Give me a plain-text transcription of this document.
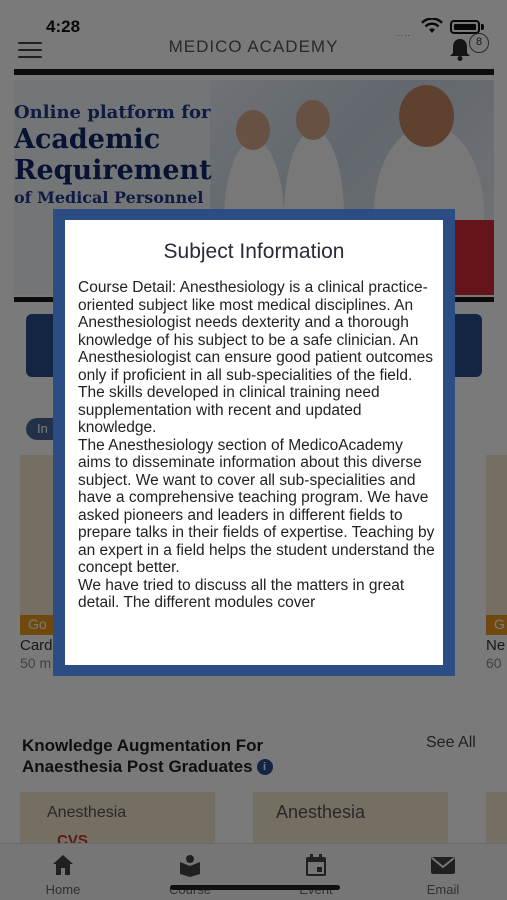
Subject Information

Course Detail: Anesthesiology is a clinical practice-oriented subject like most medical disciplines. An Anesthesiologist needs dexterity and a thorough knowledge of his subject to be a safe clinician. An Anesthesiologist can ensure good patient outcomes only if proficient in all sub-specialities of the field. The skills developed in clinical training need supplementation with recent and updated knowledge.

The Anesthesiology section of MedicoAcademy aims to disseminate information about this diverse subject. We want to cover all sub-specialities and have a comprehensive teaching program. We have asked pioneers and leaders in different fields to prepare talks in their fields of expertise. Teaching by an expert in a field helps the student understand the concept better.

We have tried to discuss all the matters in great detail. The different modules cover
